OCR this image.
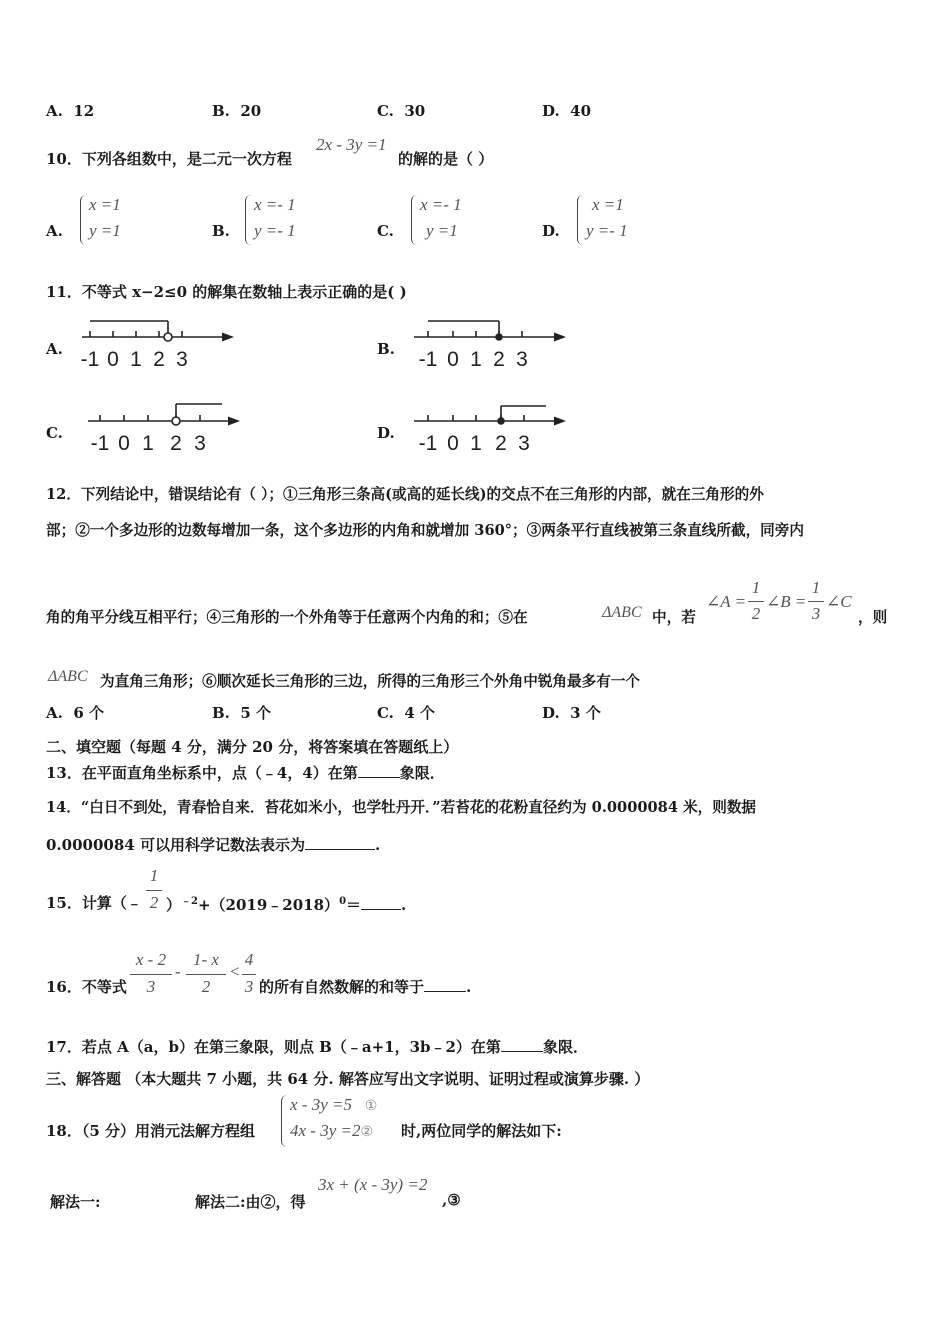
A. 12	B. 20	C. 30	D. 40
10．下列各组数中，是二元一次方程
2x - 3y =1
的解的是（ ）
A.
x =1
y =1	B.
x =- 1
y =- 1	C.
x =- 1
y =1	D.
x =1
y =- 1
11．不等式 x−2≤0 的解集在数轴上表示正确的是( )
A. -1 0 1 2 3	B. -1 0 1 2 3
C. -1 0 1 2 3	D. -1 0 1 2 3
12．下列结论中，错误结论有（ ）；①三角形三条高(或高的延长线)的交点不在三角形的内部，就在三角形的外
部；②一个多边形的边数每增加一条，这个多边形的内角和就增加 360°；③两条平行直线被第三条直线所截，同旁内
角的角平分线互相平行；④三角形的一个外角等于任意两个内角的和；⑤在	ΔABC 中，若
∠A =
1
2
∠B =
1
3
∠C
，则
ΔABC 为直角三角形；⑥顺次延长三角形的三边，所得的三角形三个外角中锐角最多有一个
A. 6 个	B. 5 个	C. 4 个	D. 3 个
二、填空题（每题 4 分，满分 20 分，将答案填在答题纸上）
13．在平面直角坐标系中，点（﹣4，4）在第	象限．
14．“白日不到处，青春恰自来．苔花如米小，也学牡丹开．”若苔花的花粉直径约为 0.0000084 米，则数据
0.0000084 可以用科学记数法表示为	.
15．计算（﹣
1
2 ）$^{﹣2}$+（2019﹣2018）$^0$＝	.
16．不等式
x - 2
3
-
1- x
2
<
4
3 的所有自然数解的和等于	.
17．若点 A（a，b）在第三象限，则点 B（﹣a+1，3b﹣2）在第	象限．
三、解答题 （本大题共 7 小题，共 64 分. 解答应写出文字说明、证明过程或演算步骤. ）
18．（5 分）用消元法解方程组
x - 3y =5 ①
4x - 3y =2② 时,两位同学的解法如下:
解法一:	解法二:由②，得
3x + (x - 3y) =2
,③
